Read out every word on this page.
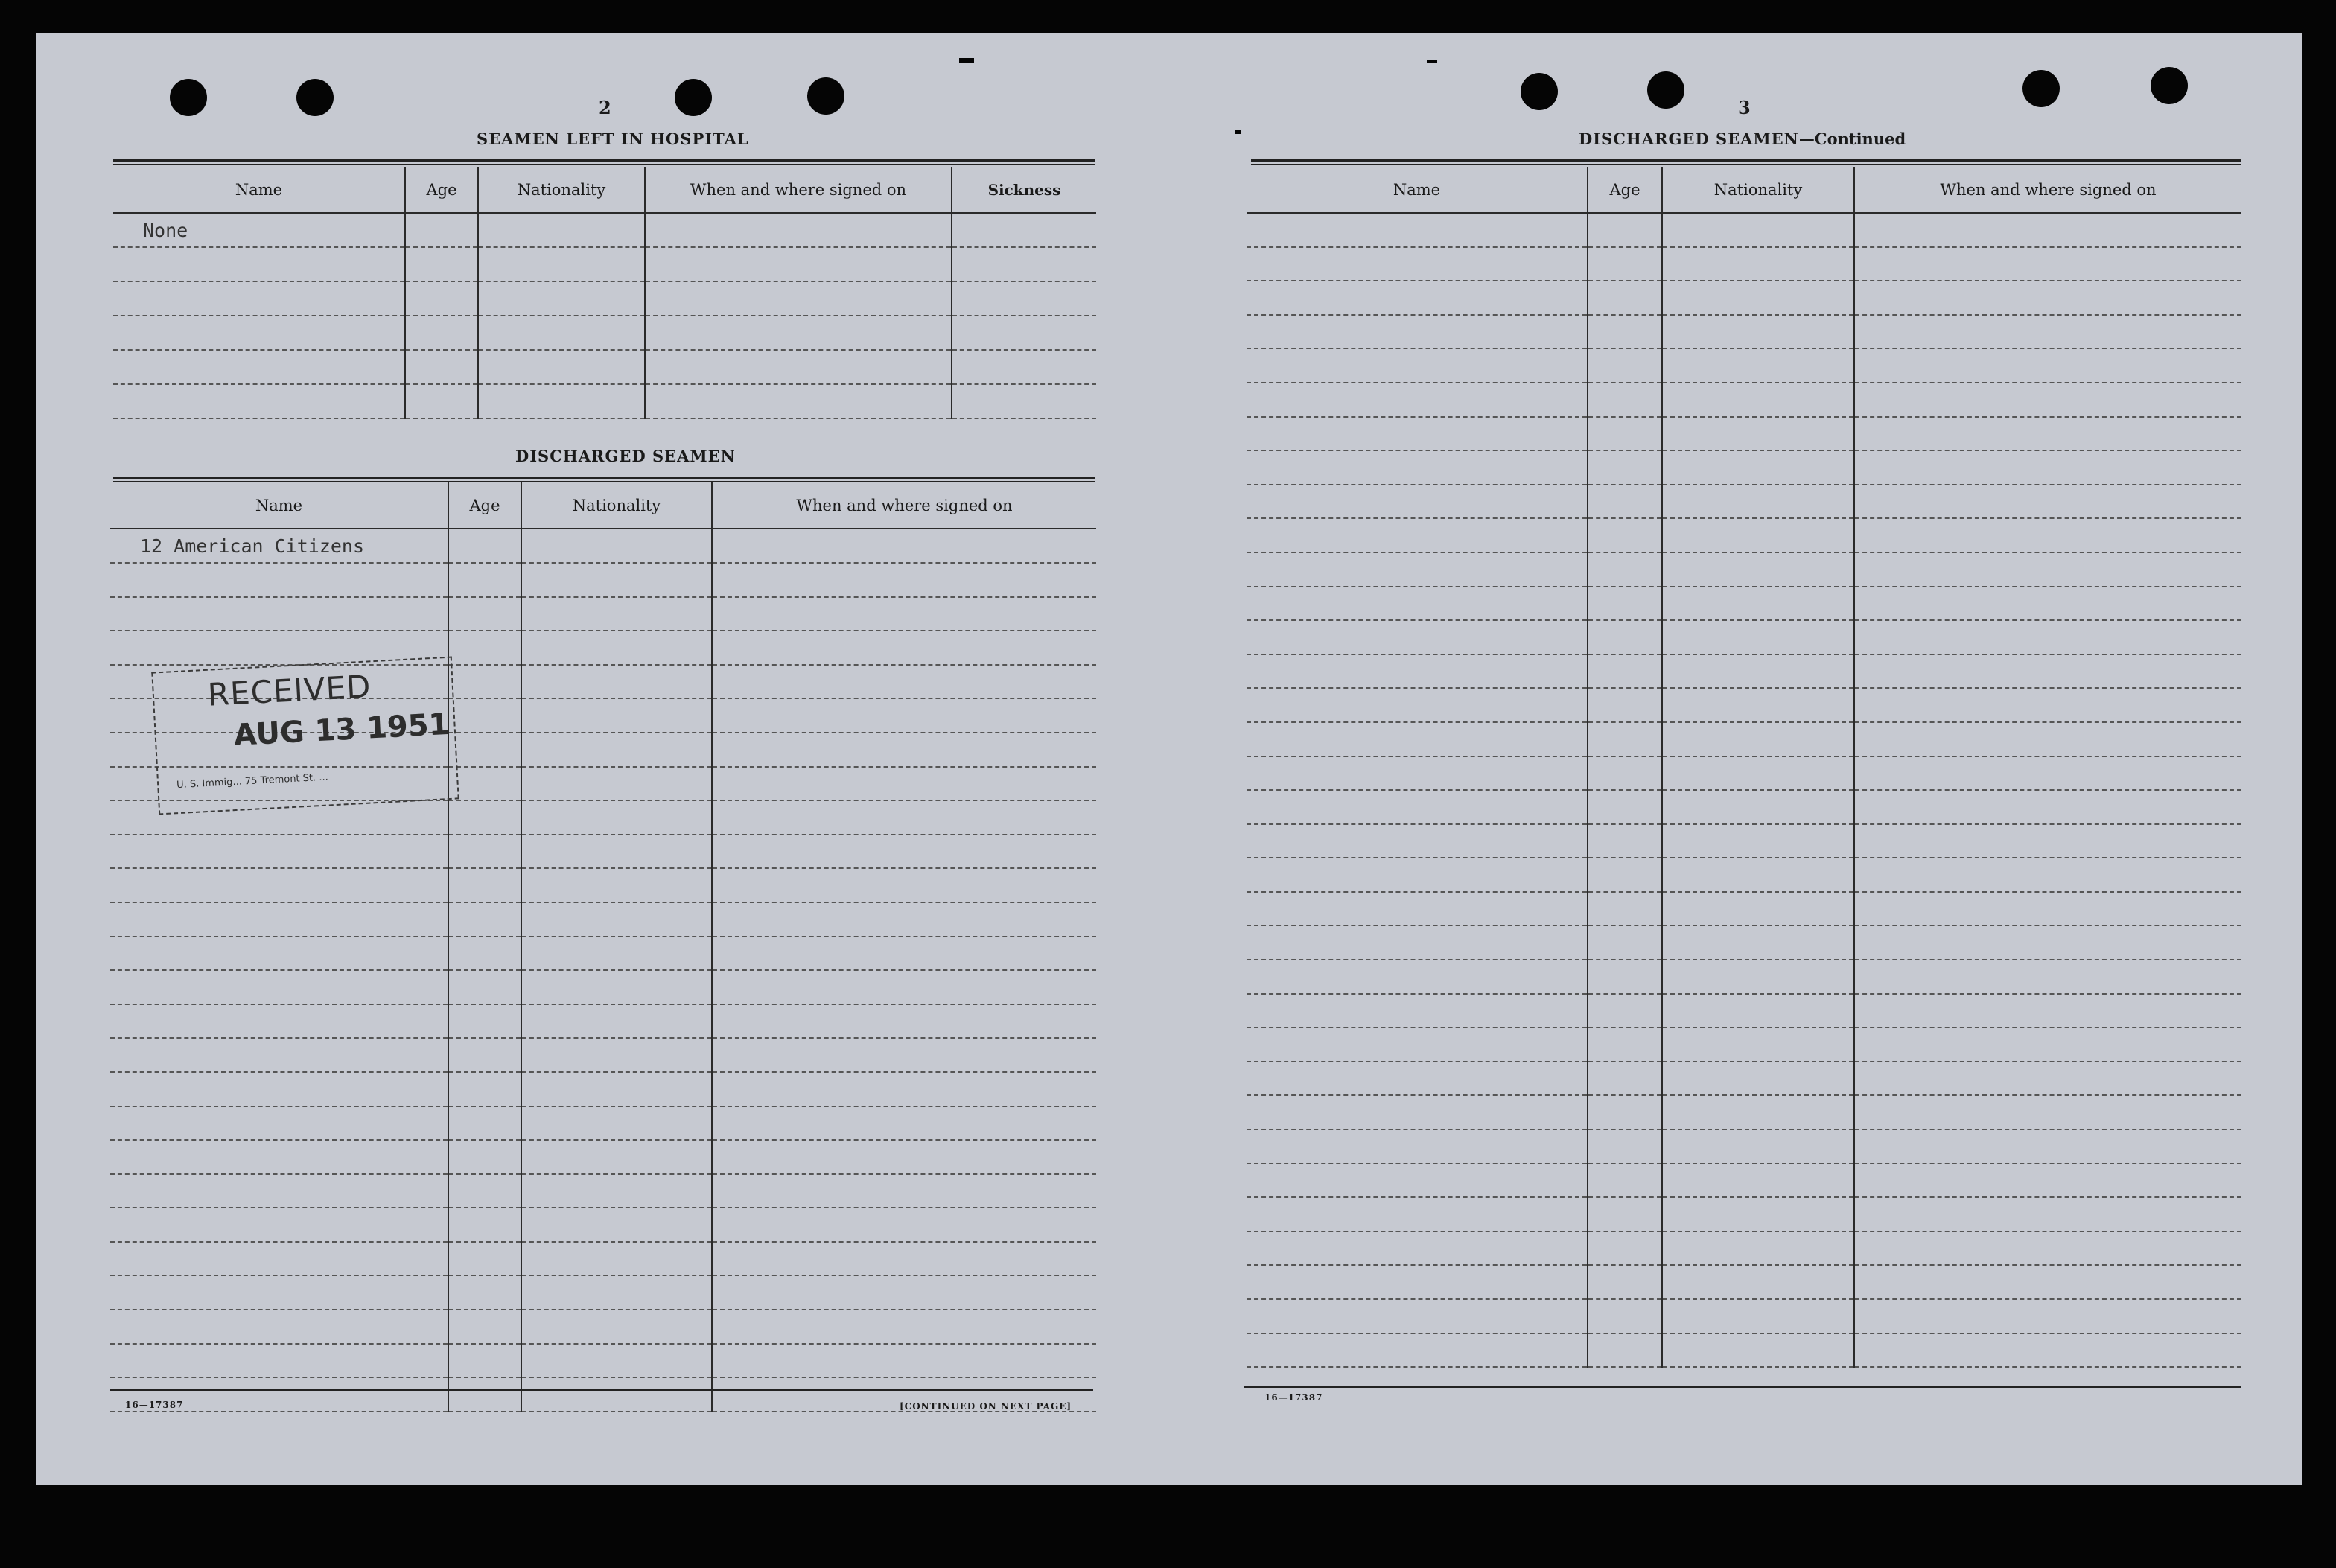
2
SEAMEN LEFT IN HOSPITAL
Name	Age	Nationality	When and where signed on	Sickness
None				

DISCHARGED SEAMEN
Name	Age	Nationality	When and where signed on
12 American Citizens			

RECEIVED
AUG 13 1951
U. S. Immig... 75 Tremont St. ...
16—17387	[CONTINUED ON NEXT PAGE]
3
DISCHARGED SEAMEN—Continued
Name	Age	Nationality	When and where signed on

16—17387
